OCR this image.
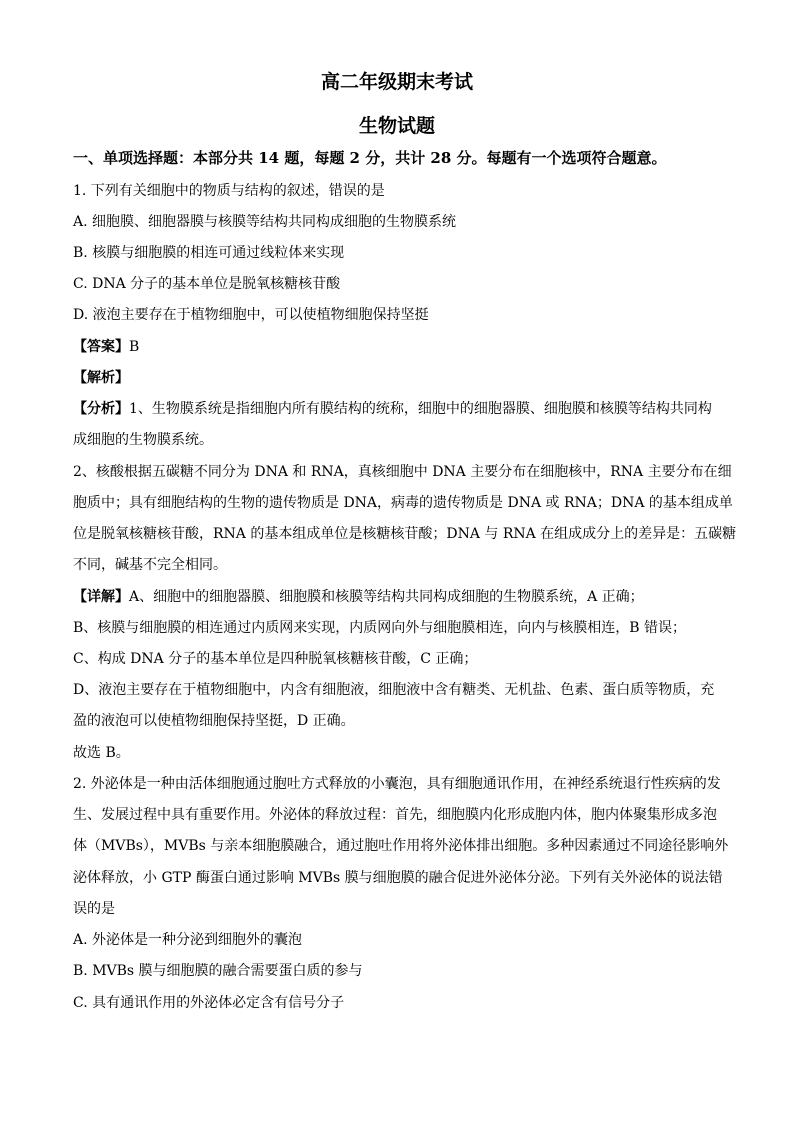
高二年级期末考试
生物试题
一、单项选择题：本部分共 14 题，每题 2 分，共计 28 分。每题有一个选项符合题意。
1. 下列有关细胞中的物质与结构的叙述，错误的是
A. 细胞膜、细胞器膜与核膜等结构共同构成细胞的生物膜系统
B. 核膜与细胞膜的相连可通过线粒体来实现
C. DNA 分子的基本单位是脱氧核糖核苷酸
D. 液泡主要存在于植物细胞中，可以使植物细胞保持坚挺
【答案】B
【解析】
【分析】1、生物膜系统是指细胞内所有膜结构的统称，细胞中的细胞器膜、细胞膜和核膜等结构共同构
成细胞的生物膜系统。
2、核酸根据五碳糖不同分为 DNA 和 RNA，真核细胞中 DNA 主要分布在细胞核中，RNA 主要分布在细
胞质中；具有细胞结构的生物的遗传物质是 DNA，病毒的遗传物质是 DNA 或 RNA；DNA 的基本组成单
位是脱氧核糖核苷酸，RNA 的基本组成单位是核糖核苷酸；DNA 与 RNA 在组成成分上的差异是：五碳糖
不同，碱基不完全相同。
【详解】A、细胞中的细胞器膜、细胞膜和核膜等结构共同构成细胞的生物膜系统，A 正确；
B、核膜与细胞膜的相连通过内质网来实现，内质网向外与细胞膜相连，向内与核膜相连，B 错误；
C、构成 DNA 分子的基本单位是四种脱氧核糖核苷酸，C 正确；
D、液泡主要存在于植物细胞中，内含有细胞液，细胞液中含有糖类、无机盐、色素、蛋白质等物质，充
盈的液泡可以使植物细胞保持坚挺，D 正确。
故选 B。
2. 外泌体是一种由活体细胞通过胞吐方式释放的小囊泡，具有细胞通讯作用，在神经系统退行性疾病的发
生、发展过程中具有重要作用。外泌体的释放过程：首先，细胞膜内化形成胞内体，胞内体聚集形成多泡
体（MVBs），MVBs 与亲本细胞膜融合，通过胞吐作用将外泌体排出细胞。多种因素通过不同途径影响外
泌体释放，小 GTP 酶蛋白通过影响 MVBs 膜与细胞膜的融合促进外泌体分泌。下列有关外泌体的说法错
误的是
A. 外泌体是一种分泌到细胞外的囊泡
B. MVBs 膜与细胞膜的融合需要蛋白质的参与
C. 具有通讯作用的外泌体必定含有信号分子
